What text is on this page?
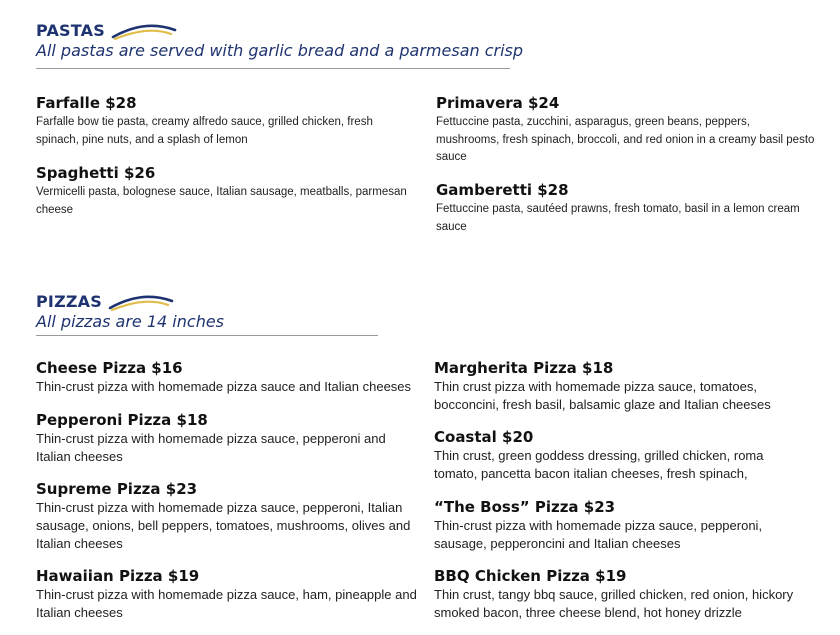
PASTAS
All pastas are served with garlic bread and a parmesan crisp
Farfalle $28
Farfalle bow tie pasta, creamy alfredo sauce, grilled chicken, fresh spinach, pine nuts, and a splash of lemon
Spaghetti $26
Vermicelli pasta, bolognese sauce, Italian sausage, meatballs, parmesan cheese
Primavera $24
Fettuccine pasta, zucchini, asparagus, green beans, peppers, mushrooms, fresh spinach, broccoli, and red onion in a creamy basil pesto sauce
Gamberetti $28
Fettuccine pasta, sautéed prawns, fresh tomato, basil in a lemon cream sauce
PIZZAS
All pizzas are 14 inches
Cheese Pizza $16
Thin-crust pizza with homemade pizza sauce and Italian cheeses
Pepperoni Pizza $18
Thin-crust pizza with homemade pizza sauce, pepperoni and Italian cheeses
Supreme Pizza $23
Thin-crust pizza with homemade pizza sauce, pepperoni, Italian sausage, onions, bell peppers, tomatoes, mushrooms, olives and Italian cheeses
Hawaiian Pizza $19
Thin-crust pizza with homemade pizza sauce, ham, pineapple and Italian cheeses
Margherita Pizza $18
Thin crust pizza with homemade pizza sauce, tomatoes, bocconcini, fresh basil, balsamic glaze and Italian cheeses
Coastal $20
Thin crust, green goddess dressing, grilled chicken, roma tomato, pancetta bacon italian cheeses, fresh spinach,
“The Boss” Pizza $23
Thin-crust pizza with homemade pizza sauce, pepperoni, sausage, pepperoncini and Italian cheeses
BBQ Chicken Pizza $19
Thin crust, tangy bbq sauce, grilled chicken, red onion, hickory smoked bacon, three cheese blend, hot honey drizzle
